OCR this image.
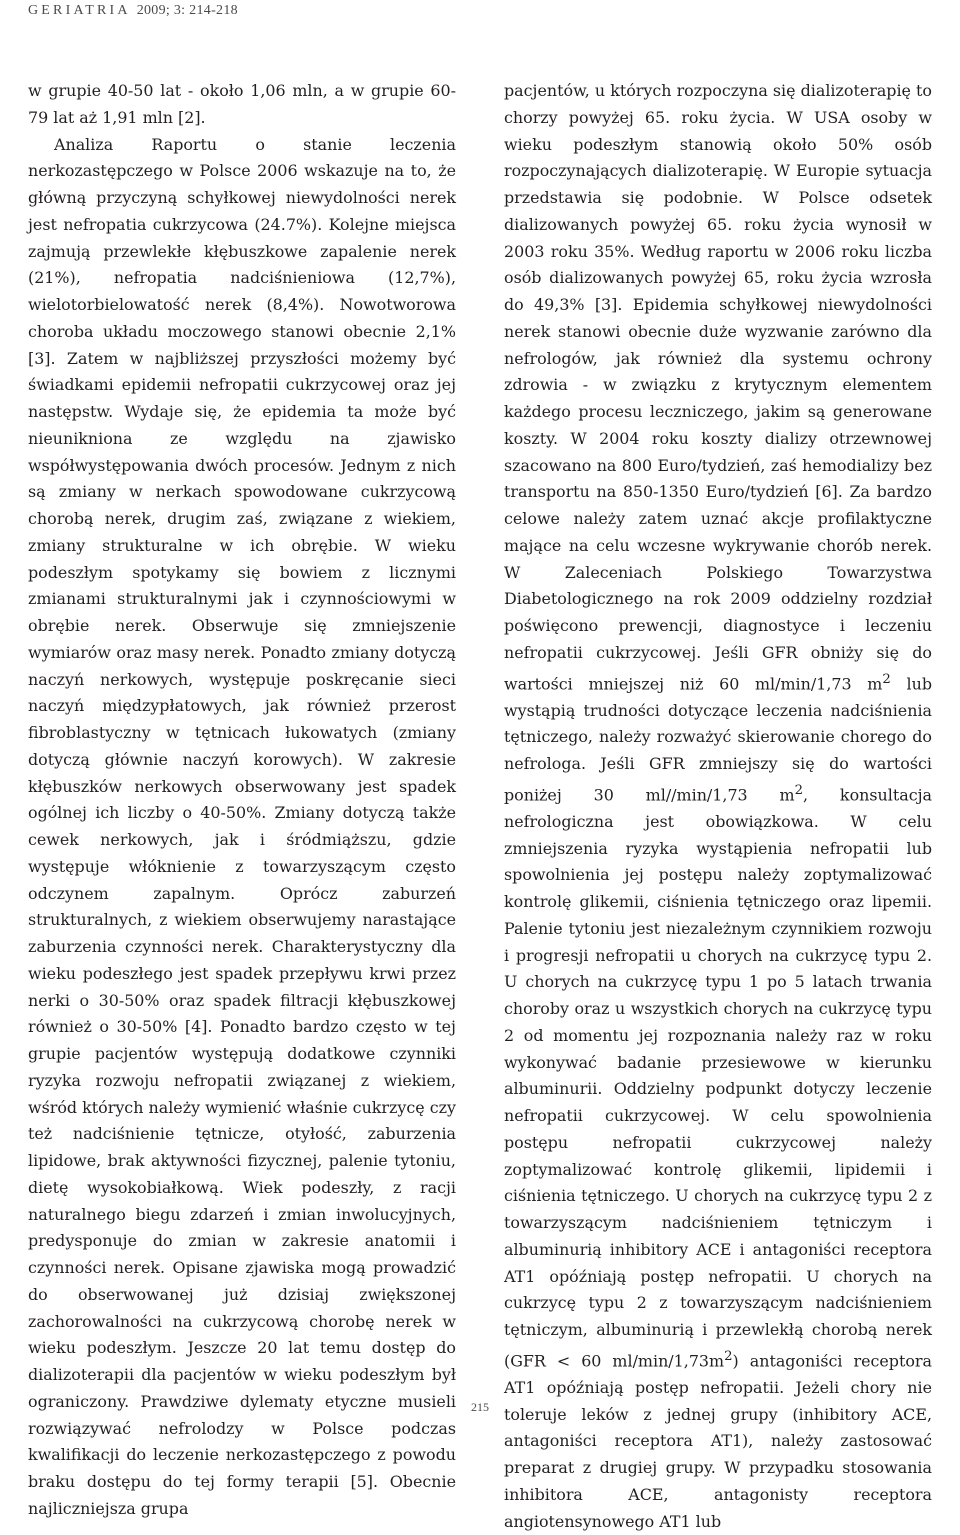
GERIATRIA 2009; 3: 214-218

w grupie 40-50 lat - około 1,06 mln, a w grupie 60-79 lat aż 1,91 mln [2].

Analiza Raportu o stanie leczenia nerkozastępczego w Polsce 2006 wskazuje na to, że główną przyczyną schyłkowej niewydolności nerek jest nefropatia cukrzycowa (24.7%). Kolejne miejsca zajmują przewlekłe kłębuszkowe zapalenie nerek (21%), nefropatia nadciśnieniowa (12,7%), wielotorbielowatość nerek (8,4%). Nowotworowa choroba układu moczowego stanowi obecnie 2,1% [3]. Zatem w najbliższej przyszłości możemy być świadkami epidemii nefropatii cukrzycowej oraz jej następstw. Wydaje się, że epidemia ta może być nieunikniona ze względu na zjawisko współwystępowania dwóch procesów. Jednym z nich są zmiany w nerkach spowodowane cukrzycową chorobą nerek, drugim zaś, związane z wiekiem, zmiany strukturalne w ich obrębie. W wieku podeszłym spotykamy się bowiem z licznymi zmianami strukturalnymi jak i czynnościowymi w obrębie nerek. Obserwuje się zmniejszenie wymiarów oraz masy nerek. Ponadto zmiany dotyczą naczyń nerkowych, występuje poskręcanie sieci naczyń międzypłatowych, jak również przerost fibroblastyczny w tętnicach łukowatych (zmiany dotyczą głównie naczyń korowych). W zakresie kłębuszków nerkowych obserwowany jest spadek ogólnej ich liczby o 40-50%. Zmiany dotyczą także cewek nerkowych, jak i śródmiąższu, gdzie występuje włóknienie z towarzyszącym często odczynem zapalnym. Oprócz zaburzeń strukturalnych, z wiekiem obserwujemy narastające zaburzenia czynności nerek. Charakterystyczny dla wieku podeszłego jest spadek przepływu krwi przez nerki o 30-50% oraz spadek filtracji kłębuszkowej również o 30-50% [4]. Ponadto bardzo często w tej grupie pacjentów występują dodatkowe czynniki ryzyka rozwoju nefropatii związanej z wiekiem, wśród których należy wymienić właśnie cukrzycę czy też nadciśnienie tętnicze, otyłość, zaburzenia lipidowe, brak aktywności fizycznej, palenie tytoniu, dietę wysokobiałkową. Wiek podeszły, z racji naturalnego biegu zdarzeń i zmian inwolucyjnych, predysponuje do zmian w zakresie anatomii i czynności nerek. Opisane zjawiska mogą prowadzić do obserwowanej już dzisiaj zwiększonej zachorowalności na cukrzycową chorobę nerek w wieku podeszłym. Jeszcze 20 lat temu dostęp do dializoterapii dla pacjentów w wieku podeszłym był ograniczony. Prawdziwe dylematy etyczne musieli rozwiązywać nefrolodzy w Polsce podczas kwalifikacji do leczenie nerkozastępczego z powodu braku dostępu do tej formy terapii [5]. Obecnie najliczniejsza grupa

pacjentów, u których rozpoczyna się dializoterapię to chorzy powyżej 65. roku życia. W USA osoby w wieku podeszłym stanowią około 50% osób rozpoczynających dializoterapię. W Europie sytuacja przedstawia się podobnie. W Polsce odsetek dializowanych powyżej 65. roku życia wynosił w 2003 roku 35%. Według raportu w 2006 roku liczba osób dializowanych powyżej 65, roku życia wzrosła do 49,3% [3]. Epidemia schyłkowej niewydolności nerek stanowi obecnie duże wyzwanie zarówno dla nefrologów, jak również dla systemu ochrony zdrowia - w związku z krytycznym elementem każdego procesu leczniczego, jakim są generowane koszty. W 2004 roku koszty dializy otrzewnowej szacowano na 800 Euro/tydzień, zaś hemodializy bez transportu na 850-1350 Euro/tydzień [6]. Za bardzo celowe należy zatem uznać akcje profilaktyczne mające na celu wczesne wykrywanie chorób nerek. W Zaleceniach Polskiego Towarzystwa Diabetologicznego na rok 2009 oddzielny rozdział poświęcono prewencji, diagnostyce i leczeniu nefropatii cukrzycowej. Jeśli GFR obniży się do wartości mniejszej niż 60 ml/min/1,73 $m^2$ lub wystąpią trudności dotyczące leczenia nadciśnienia tętniczego, należy rozważyć skierowanie chorego do nefrologa. Jeśli GFR zmniejszy się do wartości poniżej 30 ml//min/1,73 $m^2$, konsultacja nefrologiczna jest obowiązkowa. W celu zmniejszenia ryzyka wystąpienia nefropatii lub spowolnienia jej postępu należy zoptymalizować kontrolę glikemii, ciśnienia tętniczego oraz lipemii. Palenie tytoniu jest niezależnym czynnikiem rozwoju i progresji nefropatii u chorych na cukrzycę typu 2. U chorych na cukrzycę typu 1 po 5 latach trwania choroby oraz u wszystkich chorych na cukrzycę typu 2 od momentu jej rozpoznania należy raz w roku wykonywać badanie przesiewowe w kierunku albuminurii. Oddzielny podpunkt dotyczy leczenie nefropatii cukrzycowej. W celu spowolnienia postępu nefropatii cukrzycowej należy zoptymalizować kontrolę glikemii, lipidemii i ciśnienia tętniczego. U chorych na cukrzycę typu 2 z towarzyszącym nadciśnieniem tętniczym i albuminurią inhibitory ACE i antagoniści receptora AT1 opóźniają postęp nefropatii. U chorych na cukrzycę typu 2 z towarzyszącym nadciśnieniem tętniczym, albuminurią i przewlekłą chorobą nerek (GFR < 60 $ml/\min/1,73m^2$) antagoniści receptora AT1 opóźniają postęp nefropatii. Jeżeli chory nie toleruje leków z jednej grupy (inhibitory ACE, antagoniści receptora AT1), należy zastosować preparat z drugiej grupy. W przypadku stosowania inhibitora ACE, antagonisty receptora angiotensynowego AT1 lub

215
